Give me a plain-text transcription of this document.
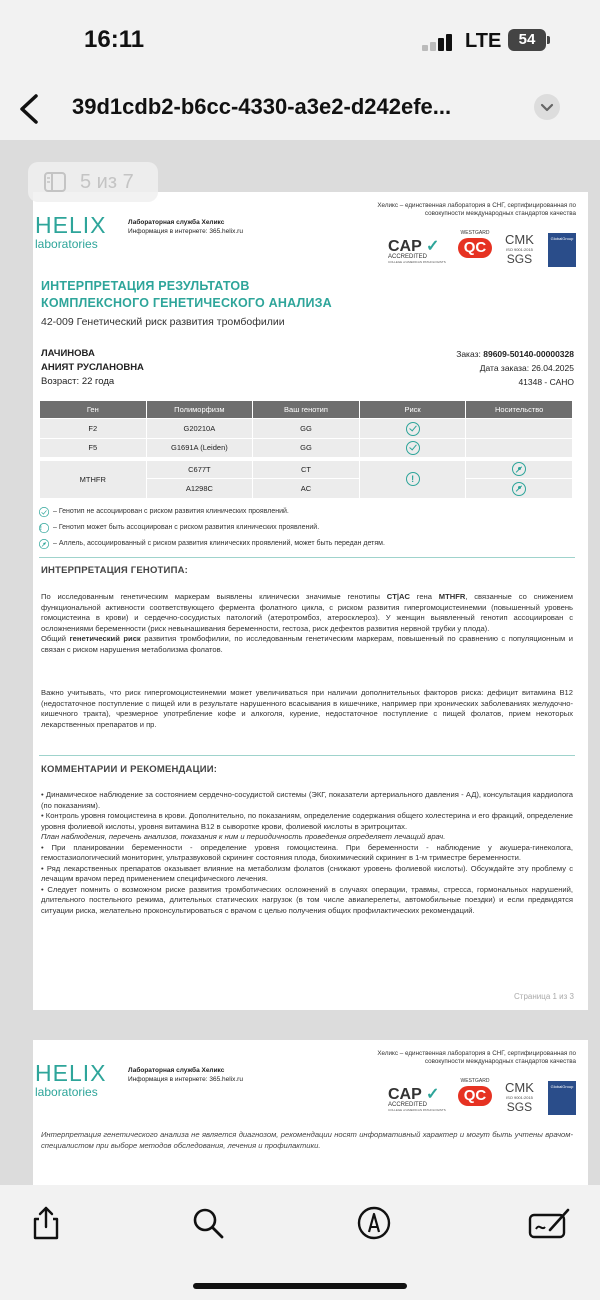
16:11	LTE	54
39d1cdb2-b6cc-4330-a3e2-d242efe...
5 из 7
HELIX
laboratories
Лабораторная служба Хеликс
Информация в интернете: 365.helix.ru
Хеликс – единственная лаборатория в СНГ, сертифицированная по совокупности международных стандартов качества
CAP ✓
ACCREDITED
COLLEGE of AMERICAN PATHOLOGISTS
WESTGARD
QC	CMK
ISO 9001:2015
SGS
GlobalGroup
ИНТЕРПРЕТАЦИЯ РЕЗУЛЬТАТОВ
КОМПЛЕКСНОГО ГЕНЕТИЧЕСКОГО АНАЛИЗА
42-009 Генетический риск развития тромбофилии
ЛАЧИНОВА
АНИЯТ РУСЛАНОВНА
Возраст: 22 года
Заказ: 89609-50140-00000328
Дата заказа: 26.04.2025
41348 - САНО
Ген	Полиморфизм	Ваш генотип	Риск	Носительство
F2	G20210A	GG		
F5	G1691A (Leiden)	GG		
MTHFR	C677T	CT	!	
	A1298C	AC		
– Генотип не ассоциирован с риском развития клинических проявлений.
!	– Генотип может быть ассоциирован с риском развития клинических проявлений.
– Аллель, ассоциированный с риском развития клинических проявлений, может быть передан детям.
ИНТЕРПРЕТАЦИЯ ГЕНОТИПА:
По исследованным генетическим маркерам выявлены клинически значимые генотипы CT|AC гена MTHFR, связанные со снижением функциональной активности соответствующего фермента фолатного цикла, с риском развития гипергомоцистеинемии (повышенный уровень гомоцистеина в крови) и сердечно-сосудистых патологий (атеротромбоз, атеросклероз). У женщин выявленный генотип ассоциирован с осложнениями беременности (риск невынашивания беременности, гестоза, риск дефектов развития нервной трубки у плода).
Общий генетический риск развития тромбофилии, по исследованным генетическим маркерам, повышенный по сравнению с популяционным и связан с риском нарушения метаболизма фолатов.
Важно учитывать, что риск гипергомоцистеинемии может увеличиваться при наличии дополнительных факторов риска: дефицит витамина B12 (недостаточное поступление с пищей или в результате нарушенного всасывания в кишечнике, например при хронических заболеваниях желудочно-кишечного тракта), чрезмерное употребление кофе и алкоголя, курение, недостаточное поступление с пищей фолатов, прием некоторых лекарственных препаратов и пр.
КОММЕНТАРИИ И РЕКОМЕНДАЦИИ:
• Динамическое наблюдение за состоянием сердечно-сосудистой системы (ЭКГ, показатели артериального давления - АД), консультация кардиолога (по показаниям).
• Контроль уровня гомоцистеина в крови. Дополнительно, по показаниям, определение содержания общего холестерина и его фракций, определение уровня фолиевой кислоты, уровня витамина B12 в сыворотке крови, фолиевой кислоты в эритроцитах.
План наблюдения, перечень анализов, показания к ним и периодичность проведения определяет лечащий врач.
• При планировании беременности - определение уровня гомоцистеина. При беременности - наблюдение у акушера-гинеколога, гемостазиологический мониторинг, ультразвуковой скрининг состояния плода, биохимический скрининг в 1-м триместре беременности.
• Ряд лекарственных препаратов оказывает влияние на метаболизм фолатов (снижают уровень фолиевой кислоты). Обсуждайте эту проблему с лечащим врачом перед применением специфического лечения.
• Следует помнить о возможном риске развития тромботических осложнений в случаях операции, травмы, стресса, гормональных нарушений, длительного постельного режима, длительных статических нагрузок (в том числе авиаперелеты, автомобильные поездки) и если предвидятся ситуации риска, желательно проконсультироваться с врачом с целью получения общих профилактических рекомендаций.
Страница 1 из 3
HELIX
laboratories
Лабораторная служба Хеликс
Информация в интернете: 365.helix.ru
Хеликс – единственная лаборатория в СНГ, сертифицированная по совокупности международных стандартов качества
CAP ✓
ACCREDITED
COLLEGE of AMERICAN PATHOLOGISTS
WESTGARD
QC	CMK
ISO 9001:2015
SGS
GlobalGroup
Интерпретация генетического анализа не является диагнозом, рекомендации носят информативный характер и могут быть учтены врачом-специалистом при выборе методов обследования, лечения и профилактики.
